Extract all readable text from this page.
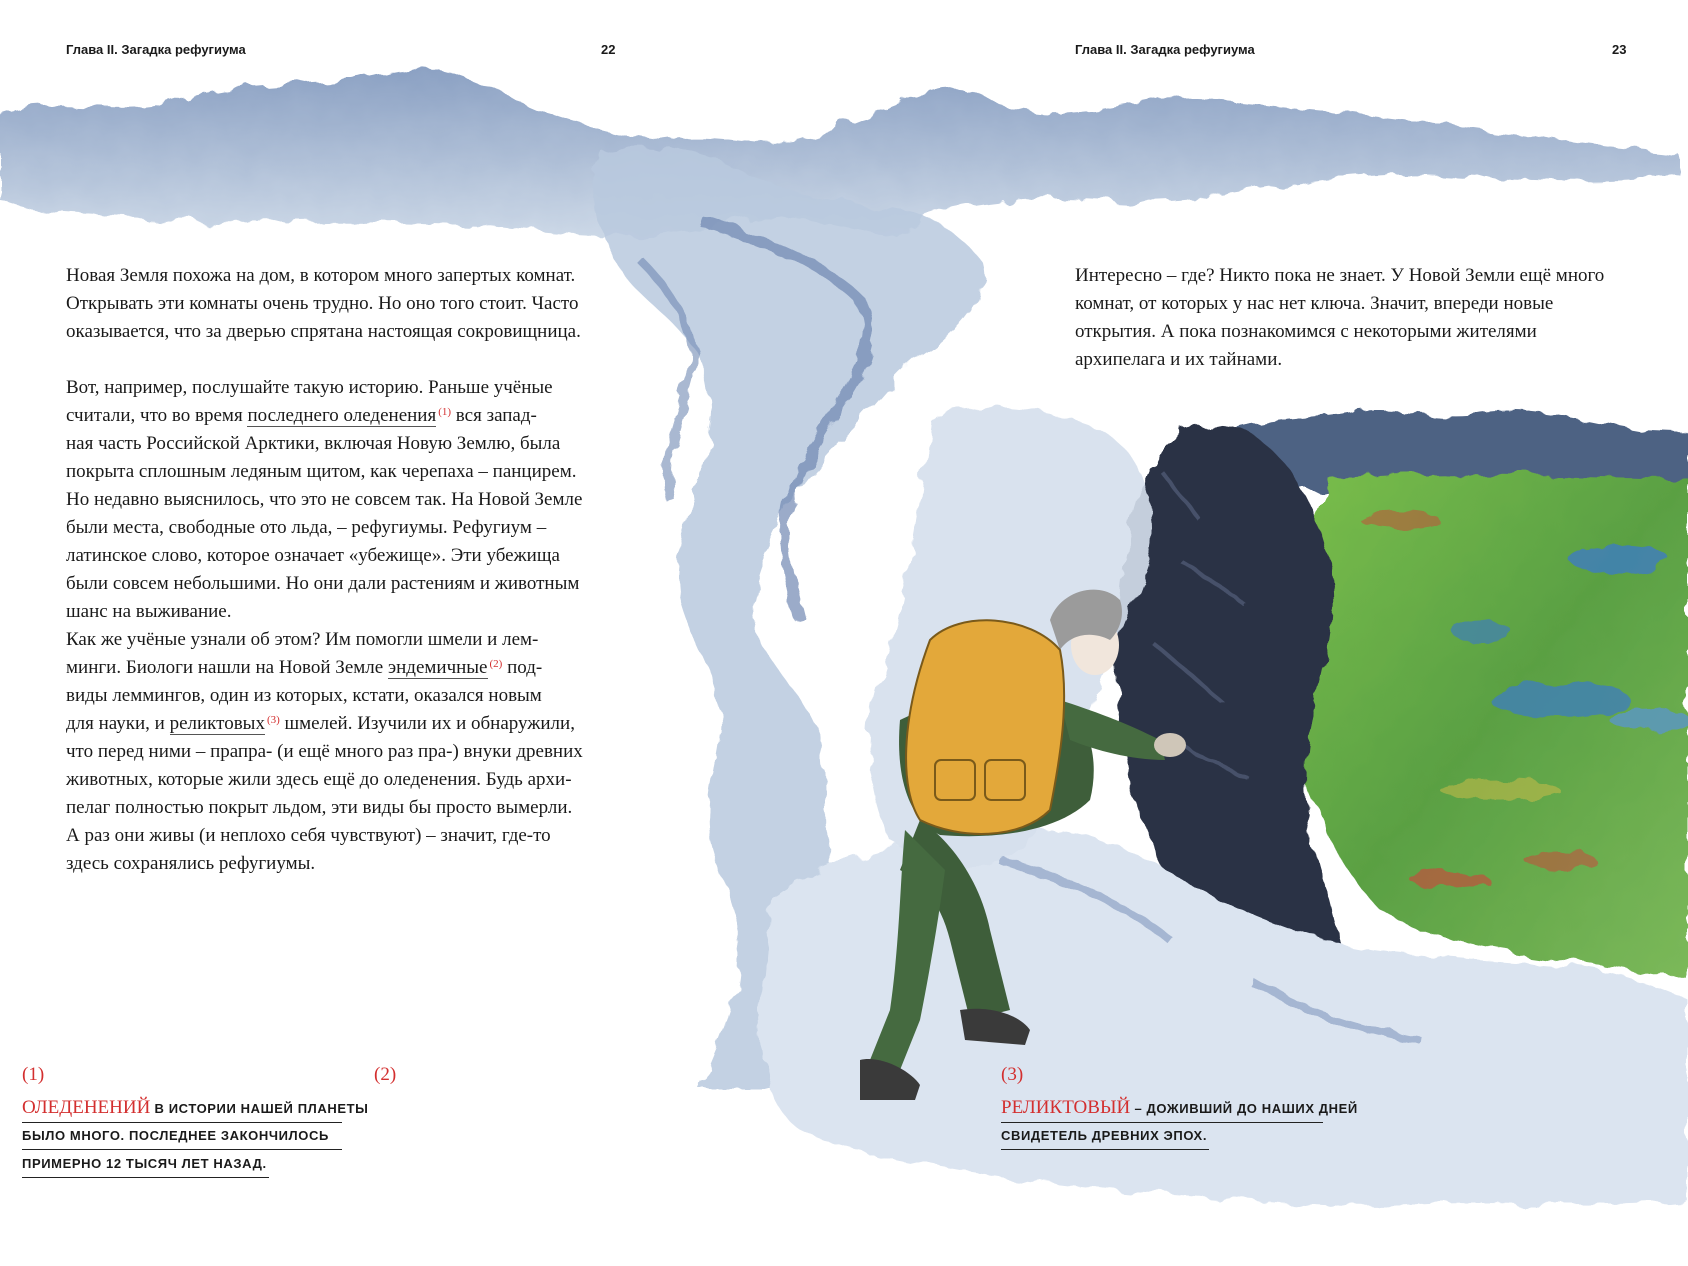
Глава II. Загадка рефугиума	22

Новая Земля похожа на дом, в котором много запертых комнат. Открывать эти комнаты очень трудно. Но оно того стоит. Часто оказывается, что за дверью спрятана настоящая сокровищница.

Вот, например, послушайте такую историю. Раньше учёные
считали, что во время последнего оледенения $^{(1)}$ вся запад-
ная часть Российской Арктики, включая Новую Землю, была
покрыта сплошным ледяным щитом, как черепаха – панцирем.
Но недавно выяснилось, что это не совсем так. На Новой Земле
были места, свободные ото льда, – рефугиумы. Рефугиум –
латинское слово, которое означает «убежище». Эти убежища
были совсем небольшими. Но они дали растениям и животным
шанс на выживание.
Как же учёные узнали об этом? Им помогли шмели и лем-
минги. Биологи нашли на Новой Земле эндемичные $^{(2)}$ под-
виды леммингов, один из которых, кстати, оказался новым
для науки, и реликтовых $^{(3)}$ шмелей. Изучили их и обнаружили,
что перед ними – прапра- (и ещё много раз пра-) внуки древних
животных, которые жили здесь ещё до оледенения. Будь архи-
пелаг полностью покрыт льдом, эти виды бы просто вымерли.
А раз они живы (и неплохо себя чувствуют) – значит, где-то
здесь сохранялись рефугиумы.

(1)	(2)
ОЛЕДЕНЕНИЙ В ИСТОРИИ НАШЕЙ ПЛАНЕТЫ
БЫЛО МНОГО. ПОСЛЕДНЕЕ ЗАКОНЧИЛОСЬ
ПРИМЕРНО 12 ТЫСЯЧ ЛЕТ НАЗАД.
Глава II. Загадка рефугиума	23

Интересно – где? Никто пока не знает. У Новой Земли ещё много комнат, от которых у нас нет ключа. Значит, впереди новые открытия. А пока познакомимся с некоторыми жителями архипелага и их тайнами.

(3)
РЕЛИКТОВЫЙ – ДОЖИВШИЙ ДО НАШИХ ДНЕЙ
СВИДЕТЕЛЬ ДРЕВНИХ ЭПОХ.
